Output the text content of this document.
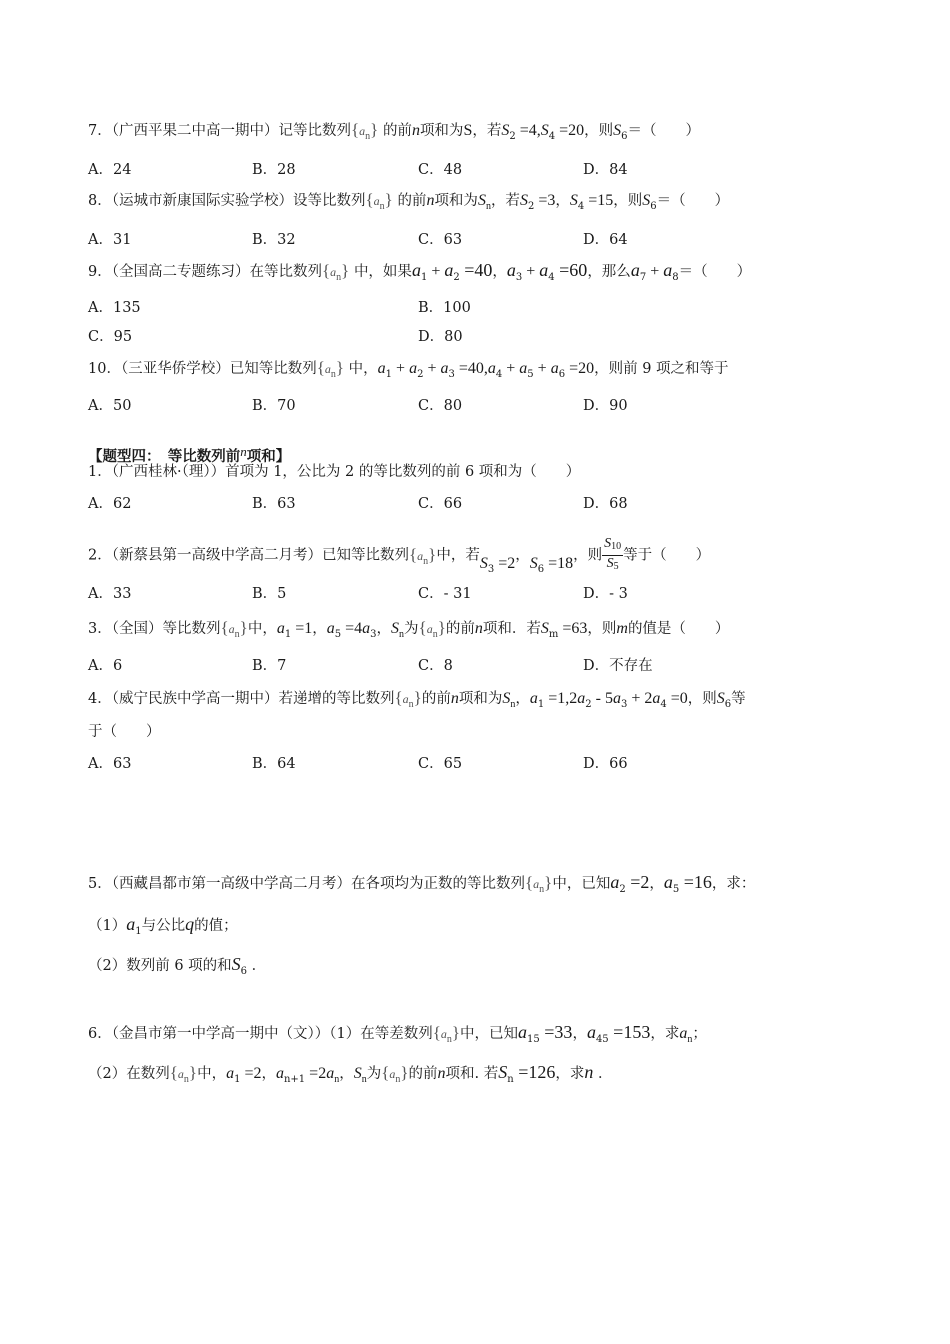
7．（广西平果二中高一期中）记等比数列$\{a_n\}$ 的前n项和为S，若$S_2 =4,S_4 =20$，则$S_6=$（　　）
A．24	B．28	C．48	D．84
8．（运城市新康国际实验学校）设等比数列$\{a_n\}$ 的前n项和为$S_n$，若$S_2 =3$，$S_4 =15$，则$S_6=$（　　）
A．31	B．32	C．63	D．64
9．（全国高二专题练习）在等比数列$\{a_n\}$ 中，如果$a_1 + a_2 =40$，$a_3 + a_4 =60$，那么$a_7 + a_8=$（　　）
A．135	B．100
C．95	D．80
10．（三亚华侨学校）已知等比数列$\{a_n\}$ 中，$a_1 + a_2 + a_3 =40,a_4 + a_5 + a_6 =20$，则前 9 项之和等于
A．50	B．70	C．80	D．90
【题型四：　等比数列前n项和】
1．（广西桂林·（理））首项为 1，公比为 2 的等比数列的前 6 项和为（　　）
A．62	B．63	C．66	D．68
2．（新蔡县第一高级中学高二月考）已知等比数列$\{a_n\}$中，若$S_3 =2$，$S_6 =18$，则 $\frac{S_{10}}{S_5}$ 等于（　　）
A．33	B．5	C．- 31	D．- 3
3．（全国）等比数列$\{a_n\}$中，$a_1 =1$，$a_5 =4a_3$，$S_n$为$\{a_n\}$的前n项和．若$S_m =63$，则m的值是（　　）
A．6	B．7	C．8	D．不存在
4．（威宁民族中学高一期中）若递增的等比数列$\{a_n\}$的前n项和为$S_n$，$a_1 =1,2a_2 - 5a_3 + 2a_4 =0$，则$S_6$等
于（　　）
A．63	B．64	C．65	D．66
5．（西藏昌都市第一高级中学高二月考）在各项均为正数的等比数列$\{a_n\}$中，已知$a_2 =2$，$a_5 =16$，求：
$(1)a_1$与公比q的值；
（2）数列前 6 项的和$S_6$ ．
6．（金昌市第一中学高一期中（文））（1）在等差数列$\{a_n\}$中，已知$a_{15} =33$，$a_{45} =153$，求$a_n$；
（2）在数列$\{a_n\}$中，$a_1 =2$，$a_{n+1} =2a_n$，$S_n$为$\{a_n\}$的前n项和. 若$S_n =126$，求n ．
